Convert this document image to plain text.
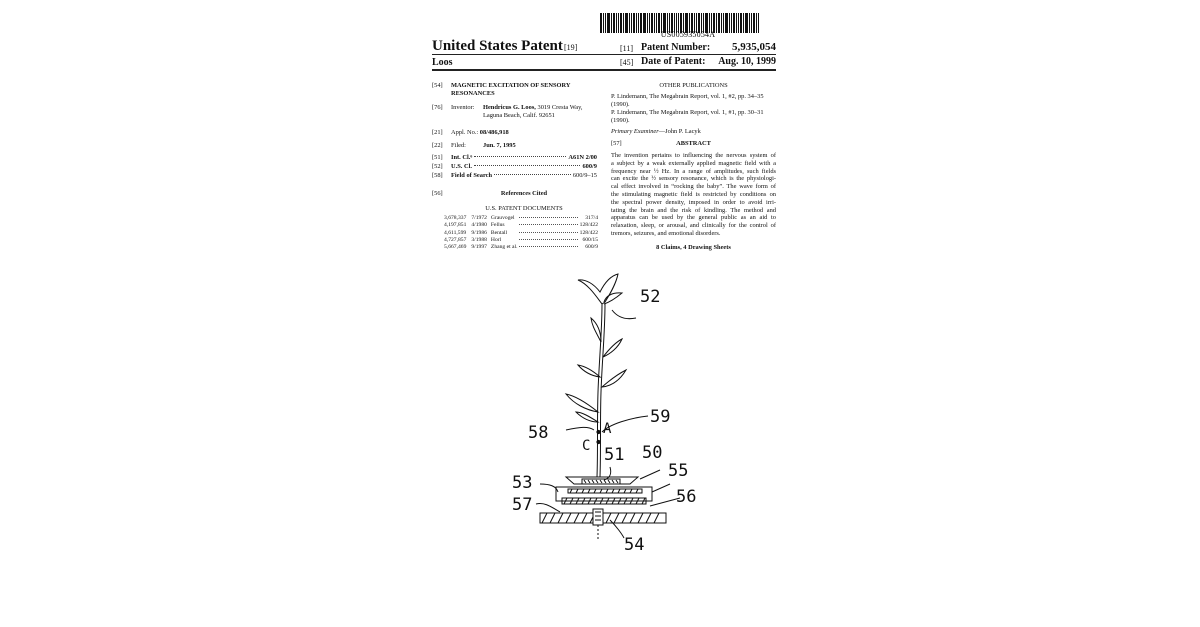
US005935054A
United States Patent [19]
Loos
[11] Patent Number:	5,935,054
[45] Date of Patent:	Aug. 10, 1999
[54] MAGNETIC EXCITATION OF SENSORY
RESONANCES
[76] Inventor: Hendricus G. Loos, 3019 Cresta Way,
Laguna Beach, Calif. 92651
[21] Appl. No.: 08/486,918
[22] Filed:	Jun. 7, 1995
[51] Int. Cl.⁶	A61N 2/00
[52] U.S. Cl.	600/9
[58] Field of Search	600/9–15
[56]	References Cited
U.S. PATENT DOCUMENTS
3,678,337	7/1972	Grauvogel		317/4
4,197,851	4/1980	Fellus		128/422
4,611,599	9/1986	Bentall		128/422
4,727,857	3/1988	Horl		600/15
5,667,469	9/1997	Zhang et al.		600/9
OTHER PUBLICATIONS
P. Lindemann, The Megabrain Report, vol. 1, #2, pp. 34–35
(1990).
P. Lindemann, The Megabrain Report, vol. 1, #1, pp. 30–31
(1990).
Primary Examiner—John P. Lacyk
[57]	ABSTRACT
The invention pertains to influencing the nervous system of
a subject by a weak externally applied magnetic field with a
frequency near ½ Hz. In a range of amplitudes, such fields
can excite the ½ sensory resonance, which is the physiologi-
cal effect involved in “rocking the baby”. The wave form of
the stimulating magnetic field is restricted by conditions on
the spectral power density, imposed in order to avoid irri-
tating the brain and the risk of kindling. The method and
apparatus can be used by the general public as an aid to
relaxation, sleep, or arousal, and clinically for the control of
tremors, seizures, and emotional disorders.
8 Claims, 4 Drawing Sheets
52
59
58	A
C 51 50
55
53
56
57
54
